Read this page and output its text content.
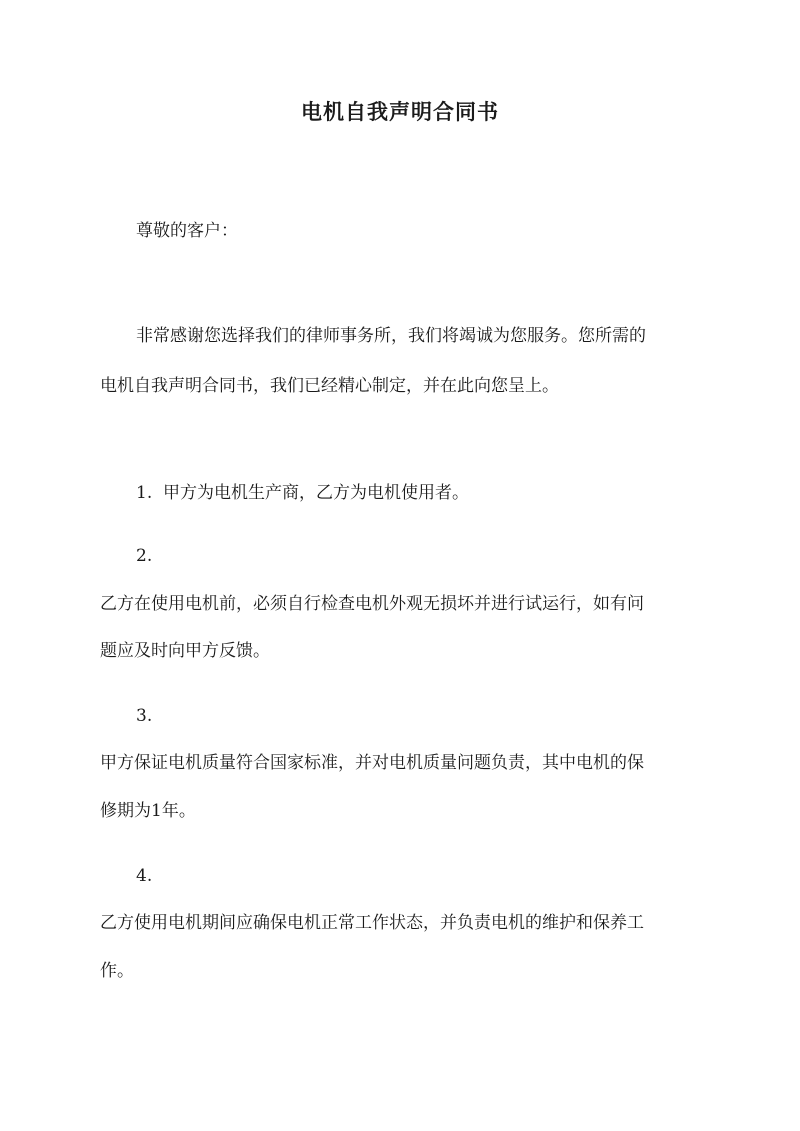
电机自我声明合同书
尊敬的客户：
非常感谢您选择我们的律师事务所，我们将竭诚为您服务。您所需的
电机自我声明合同书，我们已经精心制定，并在此向您呈上。
1. 甲方为电机生产商，乙方为电机使用者。
2.
乙方在使用电机前，必须自行检查电机外观无损坏并进行试运行，如有问
题应及时向甲方反馈。
3.
甲方保证电机质量符合国家标准，并对电机质量问题负责，其中电机的保
修期为1年。
4.
乙方使用电机期间应确保电机正常工作状态，并负责电机的维护和保养工
作。
